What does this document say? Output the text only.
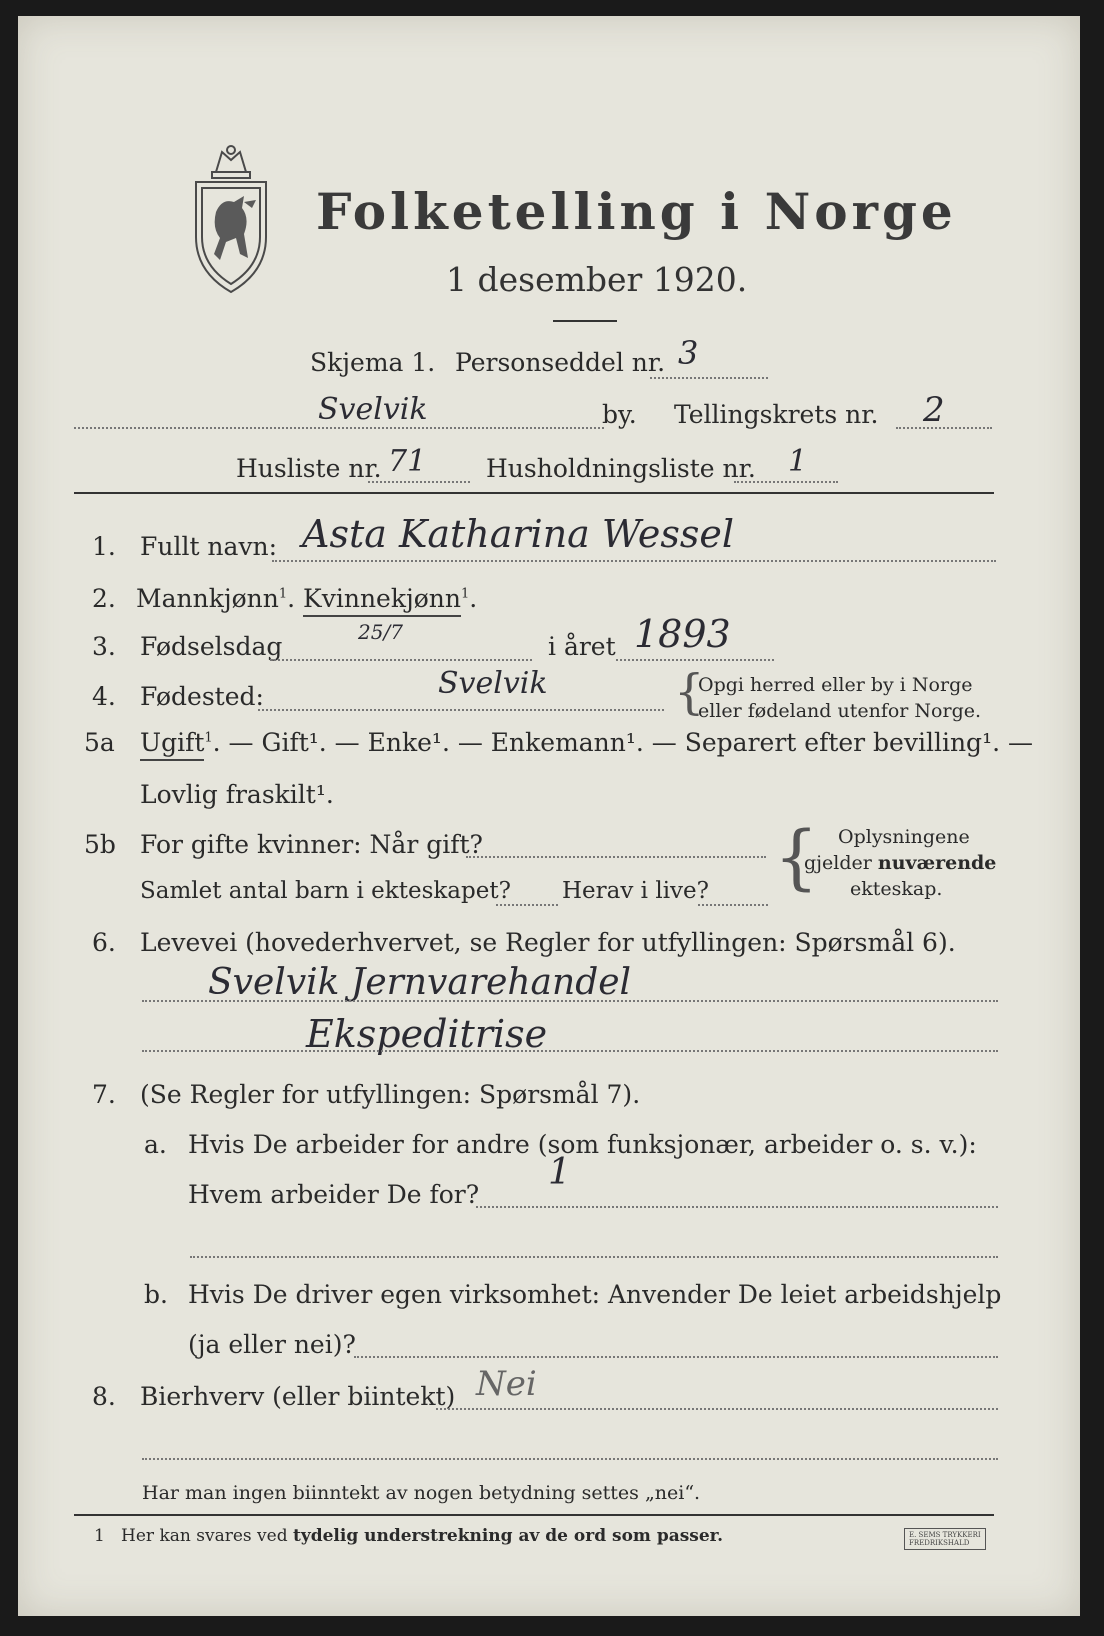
Folketelling i Norge
1 desember 1920.
Skjema 1. Personseddel nr. 3
Svelvik	by. Tellingskrets nr. 2
Husliste nr. 71 Husholdningsliste nr. 1
1. Fullt navn: Asta Katharina Wessel
2. Mannkjønn$^1$. Kvinnekjønn$^1$.
3. Fødselsdag	25/7	i året 1893
4. Fødested:	Svelvik	{
Opgi herred eller by i Norge
eller fødeland utenfor Norge.
5a Ugift$^1$. — Gift¹. — Enke¹. — Enkemann¹. — Separert efter bevilling¹. —
Lovlig fraskilt¹.
5b For gifte kvinner: Når gift?
Samlet antal barn i ekteskapet? Herav i live? { Oplysningene
gjelder nuværende
ekteskap.
6. Levevei (hovederhvervet, se Regler for utfyllingen: Spørsmål 6).
Svelvik Jernvarehandel
Ekspeditrise
7. (Se Regler for utfyllingen: Spørsmål 7).
a. Hvis De arbeider for andre (som funksjonær, arbeider o. s. v.):
Hvem arbeider De for?
1
b. Hvis De driver egen virksomhet: Anvender De leiet arbeidshjelp
(ja eller nei)?
8. Bierhverv (eller biintekt) Nei
Har man ingen biinntekt av nogen betydning settes „nei“.
1 Her kan svares ved tydelig understrekning av de ord som passer.	E. SEMS TRYKKERI
FREDRIKSHALD
